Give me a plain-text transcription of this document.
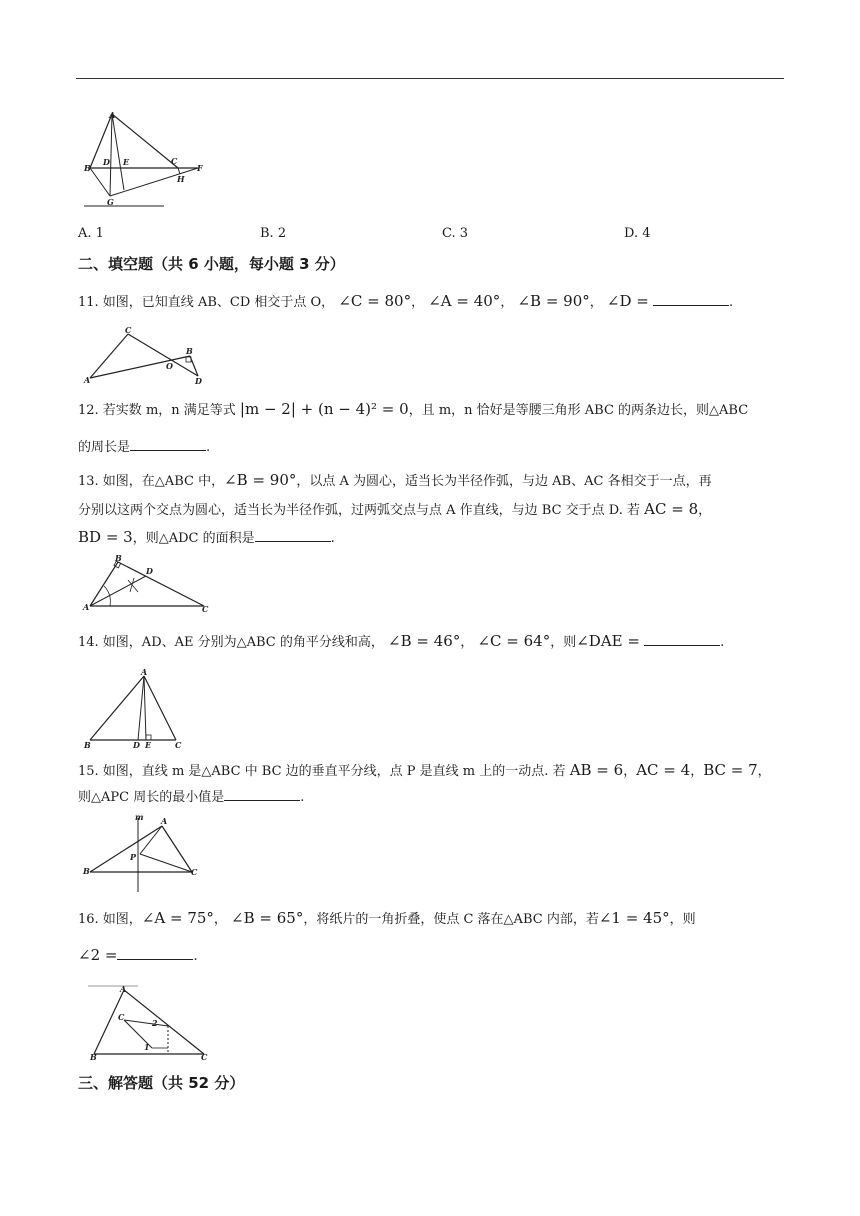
A
B
D E	C
F
H
G
A. 1	B. 2	C. 3	D. 4
二、填空题（共 6 小题，每小题 3 分）
11. 如图，已知直线 AB、CD 相交于点 O， ∠C = 80°， ∠A = 40°， ∠B = 90°， ∠D =	.
C
A
O
B
D
12. 若实数 m，n 满足等式 |m − 2| + (n − 4)² = 0，且 m，n 恰好是等腰三角形 ABC 的两条边长，则△ABC
的周长是	.
13. 如图，在△ABC 中，∠B = 90°，以点 A 为圆心，适当长为半径作弧，与边 AB、AC 各相交于一点，再
分别以这两个交点为圆心，适当长为半径作弧，过两弧交点与点 A 作直线，与边 BC 交于点 D. 若 AC = 8，
BD = 3，则△ADC 的面积是	.
B
D
A	C
14. 如图，AD、AE 分别为△ABC 的角平分线和高， ∠B = 46°， ∠C = 64°，则∠DAE =	.
A
B	D E	C
15. 如图，直线 m 是△ABC 中 BC 边的垂直平分线，点 P 是直线 m 上的一动点. 若 AB = 6，AC = 4，BC = 7，
则△APC 周长的最小值是	.
m A
P
B	C
16. 如图，∠A = 75°， ∠B = 65°，将纸片的一角折叠，使点 C 落在△ABC 内部，若∠1 = 45°，则
∠2 =	.
A
C
2
1
B	C
三、解答题（共 52 分）
